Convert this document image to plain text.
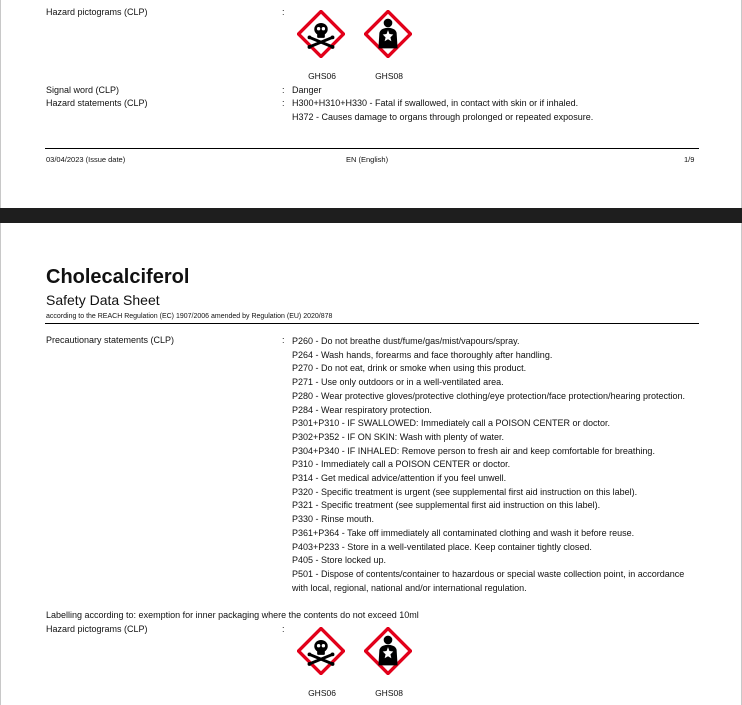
Hazard pictograms (CLP)	:
GHS06	GHS08
Signal word (CLP)	: Danger
Hazard statements (CLP)	: H300+H310+H330 - Fatal if swallowed, in contact with skin or if inhaled.
H372 - Causes damage to organs through prolonged or repeated exposure.
03/04/2023 (Issue date)	EN (English)	1/9
Cholecalciferol
Safety Data Sheet
according to the REACH Regulation (EC) 1907/2006 amended by Regulation (EU) 2020/878
Precautionary statements (CLP)	: P260 - Do not breathe dust/fume/gas/mist/vapours/spray.
P264 - Wash hands, forearms and face thoroughly after handling.
P270 - Do not eat, drink or smoke when using this product.
P271 - Use only outdoors or in a well-ventilated area.
P280 - Wear protective gloves/protective clothing/eye protection/face protection/hearing protection.
P284 - Wear respiratory protection.
P301+P310 - IF SWALLOWED: Immediately call a POISON CENTER or doctor.
P302+P352 - IF ON SKIN: Wash with plenty of water.
P304+P340 - IF INHALED: Remove person to fresh air and keep comfortable for breathing.
P310 - Immediately call a POISON CENTER or doctor.
P314 - Get medical advice/attention if you feel unwell.
P320 - Specific treatment is urgent (see supplemental first aid instruction on this label).
P321 - Specific treatment (see supplemental first aid instruction on this label).
P330 - Rinse mouth.
P361+P364 - Take off immediately all contaminated clothing and wash it before reuse.
P403+P233 - Store in a well-ventilated place. Keep container tightly closed.
P405 - Store locked up.
P501 - Dispose of contents/container to hazardous or special waste collection point, in accordance with local, regional, national and/or international regulation.
Labelling according to: exemption for inner packaging where the contents do not exceed 10ml
Hazard pictograms (CLP)	:
GHS06	GHS08
